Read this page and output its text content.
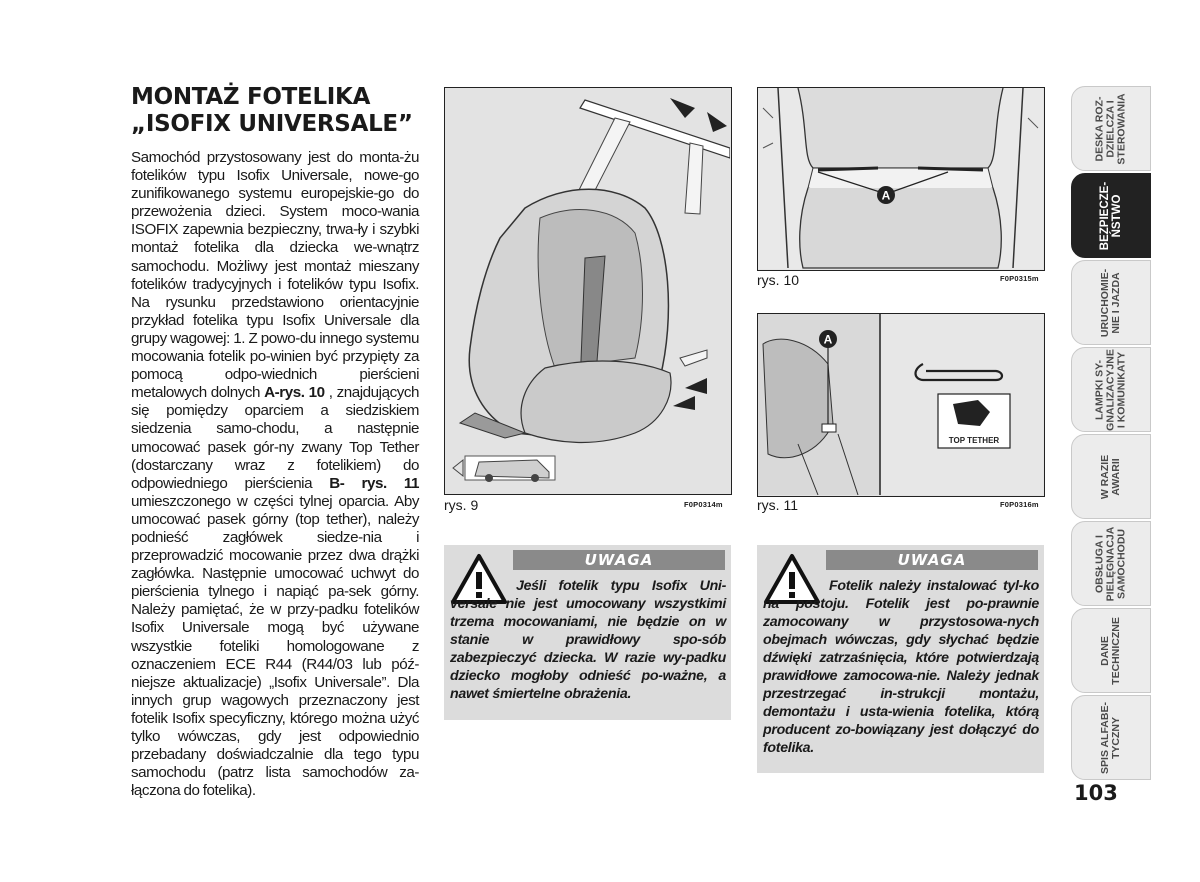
MONTAŻ FOTELIKA
„ISOFIX UNIVERSALE”
Samochód przystosowany jest do monta-żu fotelików typu Isofix Universale, nowe-go zunifikowanego systemu europejskie-go do przewożenia dzieci. System moco-wania ISOFIX zapewnia bezpieczny, trwa-ły i szybki montaż fotelika dla dziecka we-wnątrz samochodu. Możliwy jest montaż mieszany fotelików tradycyjnych i fotelików typu Isofix. Na rysunku przedstawiono orientacyjnie przykład fotelika typu Isofix Universale dla grupy wagowej: 1. Z powo-du innego systemu mocowania fotelik po-winien być przypięty za pomocą odpo-wiednich pierścieni metalowych dolnych A-rys. 10 , znajdujących się pomiędzy oparciem a siedziskiem siedzenia samo-chodu, a następnie umocować pasek gór-ny zwany Top Tether (dostarczany wraz z fotelikiem) do odpowiedniego pierścienia B- rys. 11 umieszczonego w części tylnej oparcia. Aby umocować pasek górny (top tether), należy podnieść zagłówek siedze-nia i przeprowadzić mocowanie przez dwa drążki zagłówka. Następnie umocować uchwyt do pierścienia tylnego i napiąć pa-sek górny. Należy pamiętać, że w przy-padku fotelików Isofix Universale mogą być używane wszystkie foteliki homologowane z oznaczeniem ECE R44 (R44/03 lub póź-niejsze aktualizacje) „Isofix Universale”. Dla innych grup wagowych przeznaczony jest fotelik Isofix specyficzny, którego można użyć tylko wówczas, gdy jest odpowiednio przebadany doświadczalnie dla tego typu samochodu (patrz lista samochodów za-łączona do fotelika).
rys. 9	F0P0314m
A
rys. 10	F0P0315m
A
TOP TETHER
rys. 11	F0P0316m
UWAGA
Jeśli fotelik typu Isofix Uni-versale nie jest umocowany wszystkimi trzema mocowaniami, nie będzie on w stanie w prawidłowy spo-sób zabezpieczyć dziecka. W razie wy-padku dziecko mogłoby odnieść po-ważne, a nawet śmiertelne obrażenia.
UWAGA
Fotelik należy instalować tyl-ko na postoju. Fotelik jest po-prawnie zamocowany w przystosowa-nych obejmach wówczas, gdy słychać będzie dźwięki zatrzaśnięcia, które potwierdzają prawidłowe zamocowa-nie. Należy jednak przestrzegać in-strukcji montażu, demontażu i usta-wienia fotelika, którą producent zo-bowiązany jest dołączyć do fotelika.
DESKA ROZ-
DZIELCZA I
STEROWANIA
BEZPIECZE-
ŃSTWO
URUCHOMIE-
NIE I JAZDA
LAMPKI SY-
GNALIZACYJNE
I KOMUNIKATY
W RAZIE
AWARII
OBSŁUGA I
PIELĘGNACJA
SAMOCHODU
DANE
TECHNICZNE
SPIS ALFABE-
TYCZNY
103
